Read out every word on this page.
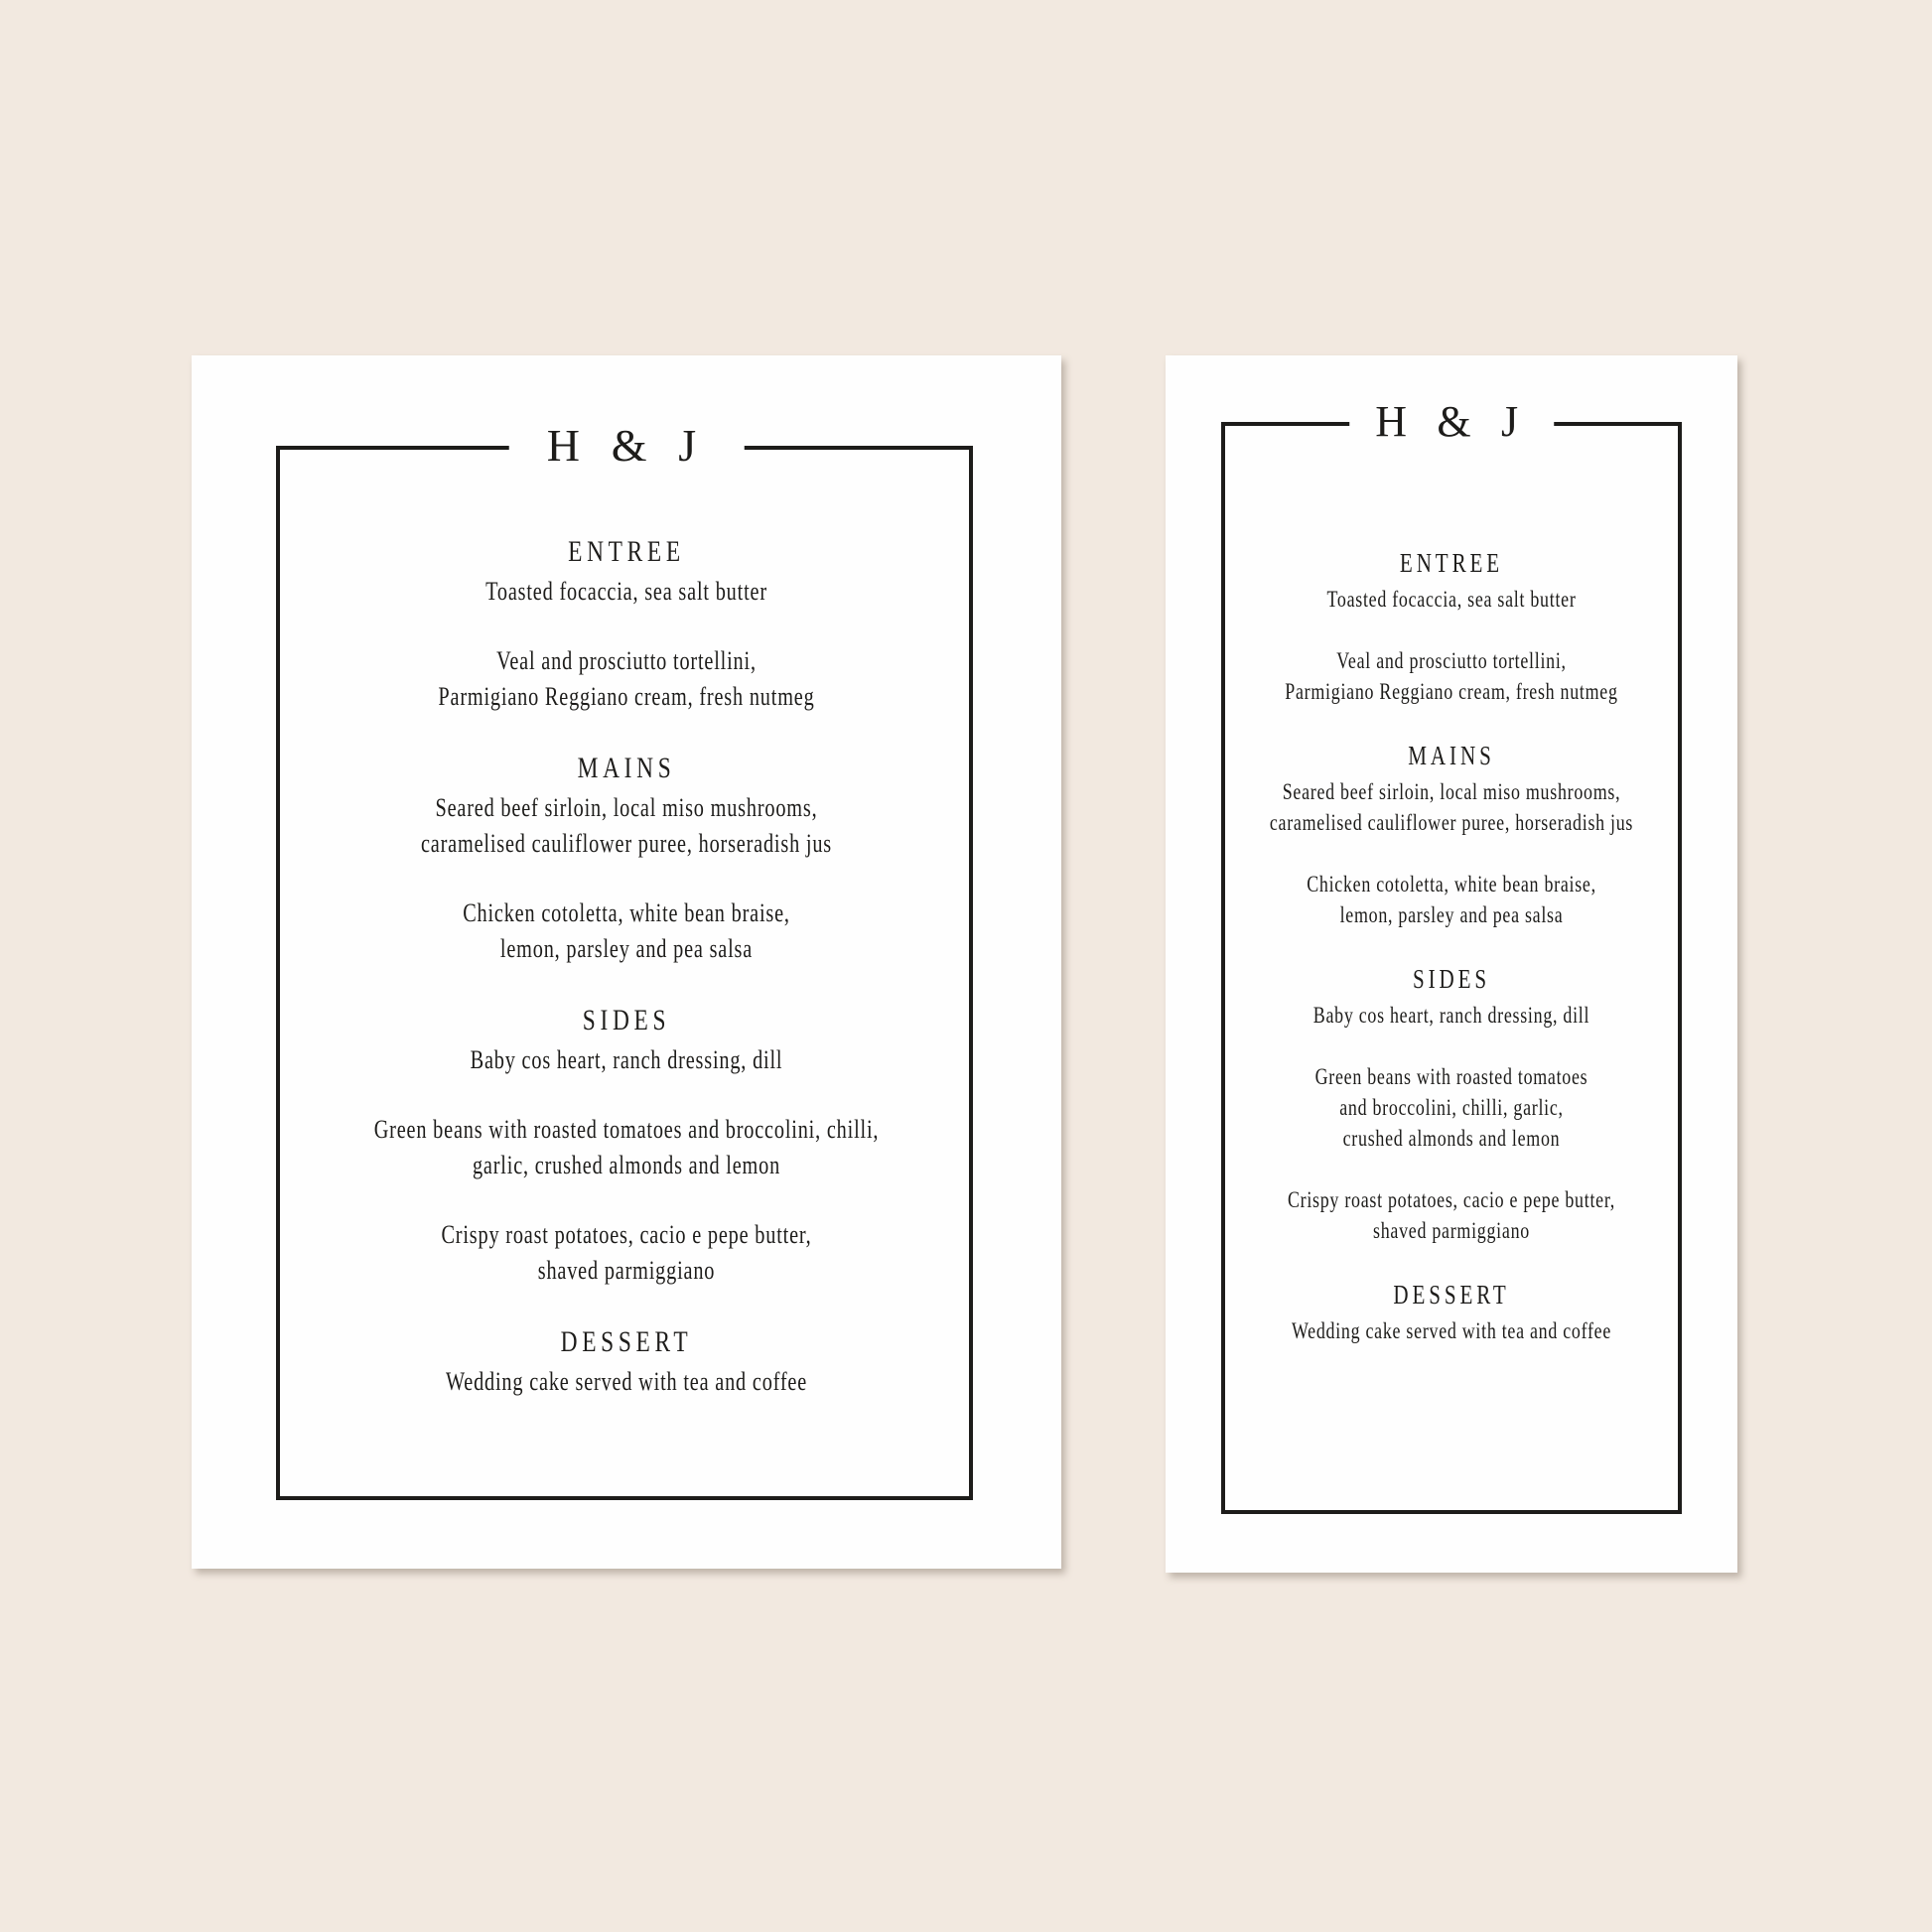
H & J
ENTREE
Toasted focaccia, sea salt butter
Veal and prosciutto tortellini,
Parmigiano Reggiano cream, fresh nutmeg
MAINS
Seared beef sirloin, local miso mushrooms,
caramelised cauliflower puree, horseradish jus
Chicken cotoletta, white bean braise,
lemon, parsley and pea salsa
SIDES
Baby cos heart, ranch dressing, dill
Green beans with roasted tomatoes and broccolini, chilli,
garlic, crushed almonds and lemon
Crispy roast potatoes, cacio e pepe butter,
shaved parmiggiano
DESSERT
Wedding cake served with tea and coffee
H & J
ENTREE
Toasted focaccia, sea salt butter
Veal and prosciutto tortellini,
Parmigiano Reggiano cream, fresh nutmeg
MAINS
Seared beef sirloin, local miso mushrooms,
caramelised cauliflower puree, horseradish jus
Chicken cotoletta, white bean braise,
lemon, parsley and pea salsa
SIDES
Baby cos heart, ranch dressing, dill
Green beans with roasted tomatoes
and broccolini, chilli, garlic,
crushed almonds and lemon
Crispy roast potatoes, cacio e pepe butter,
shaved parmiggiano
DESSERT
Wedding cake served with tea and coffee
